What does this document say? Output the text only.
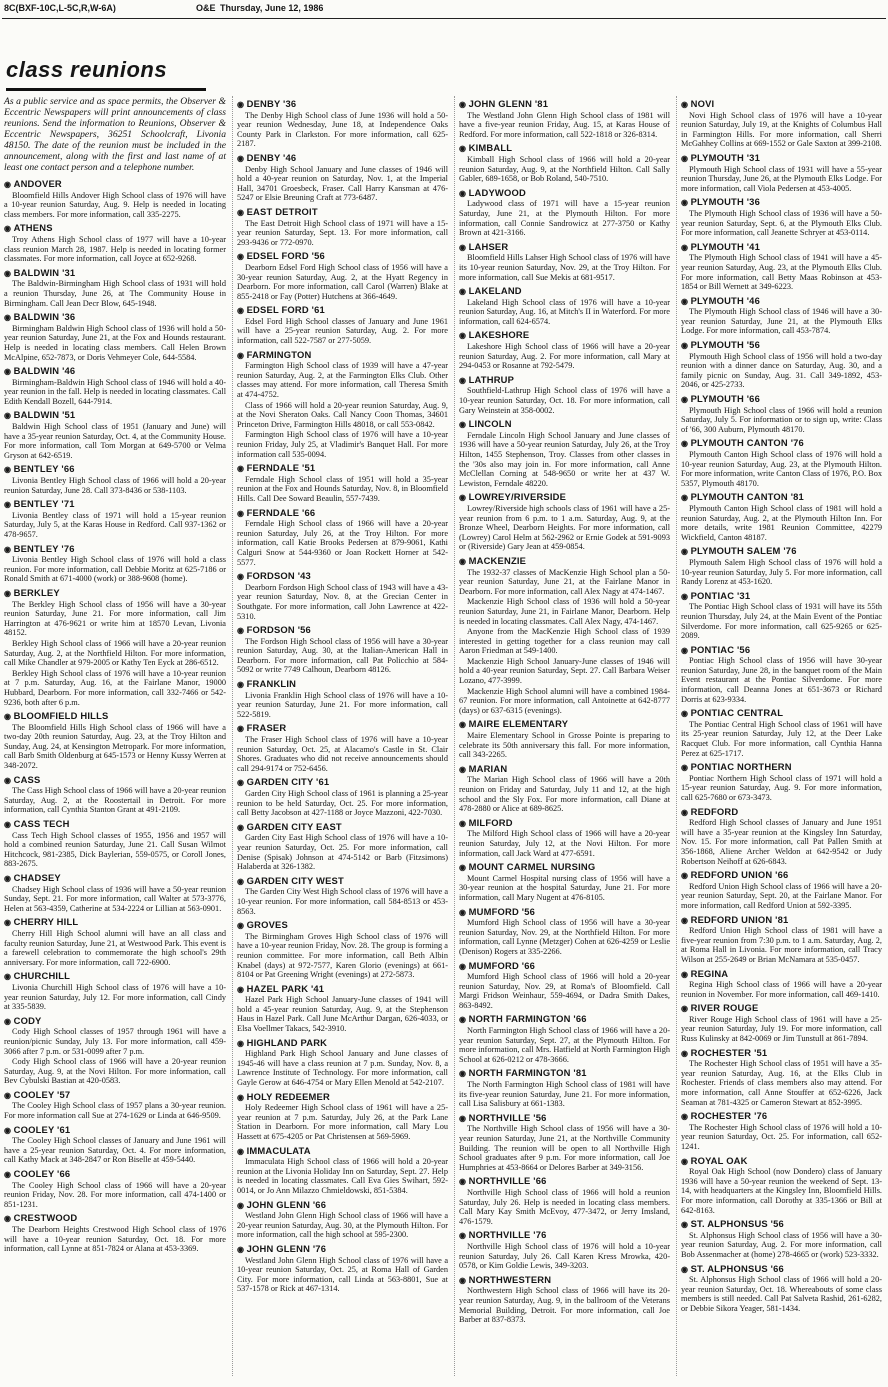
8C(BXF-10C,L-5C,R,W-6A)	O&E Thursday, June 12, 1986
class reunions

As a public service and as space permits, the Observer & Eccentric Newspapers will print announcements of class reunions. Send the information to Reunions, Observer & Eccentric Newspapers, 36251 Schoolcraft, Livonia 48150. The date of the reunion must be included in the announcement, along with the first and last name of at least one contact person and a telephone number.

◉ ANDOVER
Bloomfield Hills Andover High School class of 1976 will have a 10-year reunion Saturday, Aug. 9. Help is needed in locating class members. For more information, call 335-2275.
◉ ATHENS
Troy Athens High School class of 1977 will have a 10-year class reunion March 28, 1987. Help is needed in locating former classmates. For more information, call Joyce at 652-9268.
◉ BALDWIN '31
The Baldwin-Birmingham High School class of 1931 will hold a reunion Thursday, June 26, at The Community House in Birmingham. Call Jean Decr Blow, 645-1948.
◉ BALDWIN '36
Birmingham Baldwin High School class of 1936 will hold a 50-year reunion Saturday, June 21, at the Fox and Hounds restaurant. Help is needed in locating class members. Call Helen Brown McAlpine, 652-7873, or Doris Vehmeyer Cole, 644-5584.
◉ BALDWIN '46
Birmingham-Baldwin High School class of 1946 will hold a 40-year reunion in the fall. Help is needed in locating classmates. Call Edith Kendall Bozell, 644-7914.
◉ BALDWIN '51
Baldwin High School class of 1951 (January and June) will have a 35-year reunion Saturday, Oct. 4, at the Community House. For more information, call Tom Morgan at 649-5700 or Velma Gryson at 642-6519.
◉ BENTLEY '66
Livonia Bentley High School class of 1966 will hold a 20-year reunion Saturday, June 28. Call 373-8436 or 538-1103.
◉ BENTLEY '71
Livonia Bentley class of 1971 will hold a 15-year reunion Saturday, July 5, at the Karas House in Redford. Call 937-1362 or 478-9657.
◉ BENTLEY '76
Livonia Bentley High School class of 1976 will hold a class reunion. For more information, call Debbie Moritz at 625-7186 or Ronald Smith at 671-4000 (work) or 388-9608 (home).
◉ BERKLEY
The Berkley High School class of 1956 will have a 30-year reunion Saturday, June 21. For more information, call Jim Harrington at 476-9621 or write him at 18570 Levan, Livonia 48152.
Berkley High School class of 1966 will have a 20-year reunion Saturday, Aug. 2, at the Northfield Hilton. For more information, call Mike Chandler at 979-2005 or Kathy Ten Eyck at 286-6512.
Berkley High School class of 1976 will have a 10-year reunion at 7 p.m. Saturday, Aug. 16, at the Fairlane Manor, 19000 Hubbard, Dearborn. For more information, call 332-7466 or 542-9236, both after 6 p.m.
◉ BLOOMFIELD HILLS
The Bloomfield Hills High School class of 1966 will have a two-day 20th reunion Saturday, Aug. 23, at the Troy Hilton and Sunday, Aug. 24, at Kensington Metropark. For more information, call Barb Smith Oldenburg at 645-1573 or Henny Kussy Werren at 348-2072.
◉ CASS
The Cass High School class of 1966 will have a 20-year reunion Saturday, Aug. 2, at the Roostertail in Detroit. For more information, call Cynthia Stanton Grant at 491-2109.
◉ CASS TECH
Cass Tech High School classes of 1955, 1956 and 1957 will hold a combined reunion Saturday, June 21. Call Susan Wilmot Hitchcock, 981-2385, Dick Baylerian, 559-0575, or Coroll Jones, 883-2675.
◉ CHADSEY
Chadsey High School class of 1936 will have a 50-year reunion Sunday, Sept. 21. For more information, call Walter at 573-3776, Helen at 563-4359, Catherine at 534-2224 or Lillian at 563-0901.
◉ CHERRY HILL
Cherry Hill High School alumni will have an all class and faculty reunion Saturday, June 21, at Westwood Park. This event is a farewell celebration to commemorate the high school's 29th anniversary. For more information, call 722-6900.
◉ CHURCHILL
Livonia Churchill High School class of 1976 will have a 10-year reunion Saturday, July 12. For more information, call Cindy at 335-5839.
◉ CODY
Cody High School classes of 1957 through 1961 will have a reunion/picnic Sunday, July 13. For more information, call 459-3066 after 7 p.m. or 531-0099 after 7 p.m.
Cody High School class of 1966 will have a 20-year reunion Saturday, Aug. 9, at the Novi Hilton. For more information, call Bev Cybulski Bastian at 420-0583.
◉ COOLEY '57
The Cooley High School class of 1957 plans a 30-year reunion. For more information call Sue at 274-1629 or Linda at 646-9509.
◉ COOLEY '61
The Cooley High School classes of January and June 1961 will have a 25-year reunion Saturday, Oct. 4. For more information, call Kathy Mack at 348-2847 or Ron Biselle at 459-5440.
◉ COOLEY '66
The Cooley High School class of 1966 will have a 20-year reunion Friday, Nov. 28. For more information, call 474-1400 or 851-1231.
◉ CRESTWOOD
The Dearborn Heights Crestwood High School class of 1976 will have a 10-year reunion Saturday, Oct. 18. For more information, call Lynne at 851-7824 or Alana at 453-3369.
◉ DENBY '36
The Denby High School class of June 1936 will hold a 50-year reunion Wednesday, June 18, at Independence Oaks County Park in Clarkston. For more information, call 625-2187.
◉ DENBY '46
Denby High School January and June classes of 1946 will hold a 40-year reunion on Saturday, Nov. 1, at the Imperial Hall, 34701 Groesbeck, Fraser. Call Harry Kansman at 476-5247 or Elsie Breuning Craft at 773-6487.
◉ EAST DETROIT
The East Detroit High School class of 1971 will have a 15-year reunion Saturday, Sept. 13. For more information, call 293-9436 or 772-0970.
◉ EDSEL FORD '56
Dearborn Edsel Ford High School class of 1956 will have a 30-year reunion Saturday, Aug. 2, at the Hyatt Regency in Dearborn. For more information, call Carol (Warren) Blake at 855-2418 or Fay (Potter) Hutchens at 366-4649.
◉ EDSEL FORD '61
Edsel Ford High School classes of January and June 1961 will have a 25-year reunion Saturday, Aug. 2. For more information, call 522-7587 or 277-5059.
◉ FARMINGTON
Farmington High School class of 1939 will have a 47-year reunion Saturday, Aug. 2, at the Farmington Elks Club. Other classes may attend. For more information, call Theresa Smith at 474-4752.
Class of 1966 will hold a 20-year reunion Saturday, Aug. 9, at the Novi Sheraton Oaks. Call Nancy Coon Thomas, 34601 Princeton Drive, Farmington Hills 48018, or call 553-0842.
Farmington High School class of 1976 will have a 10-year reunion Friday, July 25, at Vladimir's Banquet Hall. For more information call 535-0094.
◉ FERNDALE '51
Ferndale High School class of 1951 will hold a 35-year reunion at the Fox and Hounds Saturday, Nov. 8, in Bloomfield Hills. Call Dee Soward Beaulin, 557-7439.
◉ FERNDALE '66
Ferndale High School class of 1966 will have a 20-year reunion Saturday, July 26, at the Troy Hilton. For more information, call Katie Brooks Pedersen at 879-9061, Kathi Calguri Snow at 544-9360 or Joan Rockett Horner at 542-5577.
◉ FORDSON '43
Dearborn Fordson High School class of 1943 will have a 43-year reunion Saturday, Nov. 8, at the Grecian Center in Southgate. For more information, call John Lawrence at 422-5310.
◉ FORDSON '56
The Fordson High School class of 1956 will have a 30-year reunion Saturday, Aug. 30, at the Italian-American Hall in Dearborn. For more information, call Pat Policchio at 584-5092 or write 7749 Calhoun, Dearborn 48126.
◉ FRANKLIN
Livonia Franklin High School class of 1976 will have a 10-year reunion Saturday, June 21. For more information, call 522-5819.
◉ FRASER
The Fraser High School class of 1976 will have a 10-year reunion Saturday, Oct. 25, at Alacamo's Castle in St. Clair Shores. Graduates who did not receive announcements should call 294-9174 or 752-6456.
◉ GARDEN CITY '61
Garden City High School class of 1961 is planning a 25-year reunion to be held Saturday, Oct. 25. For more information, call Betty Jacobson at 427-1188 or Joyce Mazzoni, 422-7030.
◉ GARDEN CITY EAST
Garden City East High School class of 1976 will have a 10-year reunion Saturday, Oct. 25. For more information, call Denise (Spisak) Johnson at 474-5142 or Barb (Fitzsimons) Halaberda at 326-1382.
◉ GARDEN CITY WEST
The Garden City West High School class of 1976 will have a 10-year reunion. For more information, call 584-8513 or 453-8563.
◉ GROVES
The Birmingham Groves High School class of 1976 will have a 10-year reunion Friday, Nov. 28. The group is forming a reunion committee. For more information, call Beth Albin Knabel (days) at 972-7577, Karen Glorio (evenings) at 661-8104 or Pat Greening Wright (evenings) at 272-5873.
◉ HAZEL PARK '41
Hazel Park High School January-June classes of 1941 will hold a 45-year reunion Saturday, Aug. 9, at the Stephenson Haus in Hazel Park. Call June McArthur Dargan, 626-4033, or Elsa Voellmer Takacs, 542-3910.
◉ HIGHLAND PARK
Highland Park High School January and June classes of 1945-46 will have a class reunion at 7 p.m. Sunday, Nov. 8, a Lawrence Institute of Technology. For more information, call Gayle Gerow at 646-4754 or Mary Ellen Menold at 542-2107.
◉ HOLY REDEEMER
Holy Redeemer High School class of 1961 will have a 25-year reunion at 7 p.m. Saturday, July 26, at the Park Lane Station in Dearborn. For more information, call Mary Lou Hassett at 675-4205 or Pat Christensen at 569-5969.
◉ IMMACULATA
Immaculata High School class of 1966 will hold a 20-year reunion at the Livonia Holiday Inn on Saturday, Sept. 27. Help is needed in locating classmates. Call Eva Gies Swihart, 592-0014, or Jo Ann Milazzo Chmieldowski, 851-5384.
◉ JOHN GLENN '66
Westland John Glenn High School class of 1966 will have a 20-year reunion Saturday, Aug. 30, at the Plymouth Hilton. For more information, call the high school at 595-2300.
◉ JOHN GLENN '76
Westland John Glenn High School class of 1976 will have a 10-year reunion Saturday, Oct. 25, at Roma Hall of Garden City. For more information, call Linda at 563-8801, Sue at 537-1578 or Rick at 467-1314.
◉ JOHN GLENN '81
The Westland John Glenn High School class of 1981 will have a five-year reunion Friday, Aug. 15, at Karas House of Redford. For more information, call 522-1818 or 326-8314.
◉ KIMBALL
Kimball High School class of 1966 will hold a 20-year reunion Saturday, Aug. 9, at the Northfield Hilton. Call Sally Gabler, 689-1658, or Bob Roland, 540-7510.
◉ LADYWOOD
Ladywood class of 1971 will have a 15-year reunion Saturday, June 21, at the Plymouth Hilton. For more information, call Connie Sandrowicz at 277-3750 or Kathy Brown at 421-3166.
◉ LAHSER
Bloomfield Hills Lahser High School class of 1976 will have its 10-year reunion Saturday, Nov. 29, at the Troy Hilton. For more information, call Sue Mekis at 681-9517.
◉ LAKELAND
Lakeland High School class of 1976 will have a 10-year reunion Saturday, Aug. 16, at Mitch's II in Waterford. For more information, call 624-6574.
◉ LAKESHORE
Lakeshore High School class of 1966 will have a 20-year reunion Saturday, Aug. 2. For more information, call Mary at 294-0453 or Rosanne at 792-5479.
◉ LATHRUP
Southfield-Lathrup High School class of 1976 will have a 10-year reunion Saturday, Oct. 18. For more information, call Gary Weinstein at 358-0002.
◉ LINCOLN
Ferndale Lincoln High School January and June classes of 1936 will have a 50-year reunion Saturday, July 26, at the Troy Hilton, 1455 Stephenson, Troy. Classes from other classes in the '30s also may join in. For more information, call Anne McClellan Corning at 548-9650 or write her at 437 W. Lewiston, Ferndale 48220.
◉ LOWREY/RIVERSIDE
Lowrey/Riverside high schools class of 1961 will have a 25-year reunion from 6 p.m. to 1 a.m. Saturday, Aug. 9, at the Bronze Wheel, Dearborn Heights. For more information, call (Lowrey) Carol Helm at 562-2962 or Ernie Godek at 591-9093 or (Riverside) Gary Jean at 459-0854.
◉ MACKENZIE
The 1932-37 classes of MacKenzie High School plan a 50-year reunion Saturday, June 21, at the Fairlane Manor in Dearborn. For more information, call Alex Nagy at 474-1467.
Mackenzie High School class of 1936 will hold a 50-year reunion Saturday, June 21, in Fairlane Manor, Dearborn. Help is needed in locating classmates. Call Alex Nagy, 474-1467.
Anyone from the MacKenzie High School class of 1939 interested in getting together for a class reunion may call Aaron Friedman at 549-1400.
Mackenzie High School January-June classes of 1946 will hold a 40-year reunion Saturday, Sept. 27. Call Barbara Weiser Lozano, 477-3999.
Mackenzie High School alumni will have a combined 1984-67 reunion. For more information, call Antoinette at 642-8777 (days) or 637-6315 (evenings).
◉ MAIRE ELEMENTARY
Maire Elementary School in Grosse Pointe is preparing to celebrate its 50th anniversary this fall. For more information, call 343-2265.
◉ MARIAN
The Marian High School class of 1966 will have a 20th reunion on Friday and Saturday, July 11 and 12, at the high school and the Sly Fox. For more information, call Diane at 478-2880 or Alice at 689-8625.
◉ MILFORD
The Milford High School class of 1966 will have a 20-year reunion Saturday, July 12, at the Novi Hilton. For more information, call Jack Ward at 477-6591.
◉ MOUNT CARMEL NURSING
Mount Carmel Hospital nursing class of 1956 will have a 30-year reunion at the hospital Saturday, June 21. For more information, call Mary Nugent at 476-8105.
◉ MUMFORD '56
Mumford High School class of 1956 will have a 30-year reunion Saturday, Nov. 29, at the Northfield Hilton. For more information, call Lynne (Metzger) Cohen at 626-4259 or Leslie (Denison) Rogers at 335-2266.
◉ MUMFORD '66
Mumford High School class of 1966 will hold a 20-year reunion Saturday, Nov. 29, at Roma's of Bloomfield. Call Margi Fridson Weinhaur, 559-4694, or Dadra Smith Dakes, 863-8492.
◉ NORTH FARMINGTON '66
North Farmington High School class of 1966 will have a 20-year reunion Saturday, Sept. 27, at the Plymouth Hilton. For more information, call Mrs. Hatfield at North Farmington High School at 626-0212 or 478-3666.
◉ NORTH FARMINGTON '81
The North Farmington High School class of 1981 will have its five-year reunion Saturday, June 21. For more information, call Lisa Salisbury at 661-1383.
◉ NORTHVILLE '56
The Northville High School class of 1956 will have a 30-year reunion Saturday, June 21, at the Northville Community Building. The reunion will be open to all Northville High School graduates after 9 p.m. For more information, call Joe Humphries at 453-8664 or Delores Barber at 349-3156.
◉ NORTHVILLE '66
Northville High School class of 1966 will hold a reunion Saturday, July 26. Help is needed in locating class members. Call Mary Kay Smith McEvoy, 477-3472, or Jerry Imsland, 476-1579.
◉ NORTHVILLE '76
Northville High School class of 1976 will hold a 10-year reunion Saturday, July 26. Call Karen Kress Mrowka, 420-0578, or Kim Goldie Lewis, 349-3203.
◉ NORTHWESTERN
Northwestern High School class of 1966 will have its 20-year reunion Saturday, Aug. 9, in the ballroom of the Veterans Memorial Building, Detroit. For more information, call Joe Barber at 837-8373.
◉ NOVI
Novi High School class of 1976 will have a 10-year reunion Saturday, July 19, at the Knights of Columbus Hall in Farmington Hills. For more information, call Sherri McGahhey Collins at 669-1552 or Gale Saxton at 399-2108.
◉ PLYMOUTH '31
Plymouth High School class of 1931 will have a 55-year reunion Thursday, June 26, at the Plymouth Elks Lodge. For more information, call Viola Pedersen at 453-4005.
◉ PLYMOUTH '36
The Plymouth High School class of 1936 will have a 50-year reunion Saturday, Sept. 6, at the Plymouth Elks Club. For more information, call Jeanette Schryer at 453-0114.
◉ PLYMOUTH '41
The Plymouth High School class of 1941 will have a 45-year reunion Saturday, Aug. 23, at the Plymouth Elks Club. For more information, call Betty Maas Robinson at 453-1854 or Bill Wernett at 349-6223.
◉ PLYMOUTH '46
The Plymouth High School class of 1946 will have a 30-year reunion Saturday, June 21, at the Plymouth Elks Lodge. For more information, call 453-7874.
◉ PLYMOUTH '56
Plymouth High School class of 1956 will hold a two-day reunion with a dinner dance on Saturday, Aug. 30, and a family picnic on Sunday, Aug. 31. Call 349-1892, 453-2046, or 425-2733.
◉ PLYMOUTH '66
Plymouth High School class of 1966 will hold a reunion Saturday, July 5. For information or to sign up, write: Class of '66, 300 Auburn, Plymouth 48170.
◉ PLYMOUTH CANTON '76
Plymouth Canton High School class of 1976 will hold a 10-year reunion Saturday, Aug. 23, at the Plymouth Hilton. For more information, write Canton Class of 1976, P.O. Box 5357, Plymouth 48170.
◉ PLYMOUTH CANTON '81
Plymouth Canton High School class of 1981 will hold a reunion Saturday, Aug. 2, at the Plymouth Hilton Inn. For more details, write 1981 Reunion Committee, 42279 Wickfield, Canton 48187.
◉ PLYMOUTH SALEM '76
Plymouth Salem High School class of 1976 will hold a 10-year reunion Saturday, July 5. For more information, call Randy Lorenz at 453-1620.
◉ PONTIAC '31
The Pontiac High School class of 1931 will have its 55th reunion Thursday, July 24, at the Main Event of the Pontiac Silverdome. For more information, call 625-9265 or 625-2089.
◉ PONTIAC '56
Pontiac High School class of 1956 will have 30-year reunion Saturday, June 28, in the banquet room of the Main Event restaurant at the Pontiac Silverdome. For more information, call Deanna Jones at 651-3673 or Richard Dorris at 623-9334.
◉ PONTIAC CENTRAL
The Pontiac Central High School class of 1961 will have its 25-year reunion Saturday, July 12, at the Deer Lake Racquet Club. For more information, call Cynthia Hanna Perez at 625-1717.
◉ PONTIAC NORTHERN
Pontiac Northern High School class of 1971 will hold a 15-year reunion Saturday, Aug. 9. For more information, call 625-7680 or 673-3473.
◉ REDFORD
Redford High School classes of January and June 1951 will have a 35-year reunion at the Kingsley Inn Saturday, Nov. 15. For more information, call Pat Pallen Smith at 356-1868, Aliene Archer Weldon at 642-9542 or Judy Robertson Neihoff at 626-6843.
◉ REDFORD UNION '66
Redford Union High School class of 1966 will have a 20-year reunion Saturday, Sept. 20, at the Fairlane Manor. For more information, call Redford Union at 592-3395.
◉ REDFORD UNION '81
Redford Union High School class of 1981 will have a five-year reunion from 7:30 p.m. to 1 a.m. Saturday, Aug. 2, at Roma Hall in Livonia. For more information, call Tracy Wilson at 255-2649 or Brian McNamara at 535-0457.
◉ REGINA
Regina High School class of 1966 will have a 20-year reunion in November. For more information, call 469-1410.
◉ RIVER ROUGE
River Rouge High School class of 1961 will have a 25-year reunion Saturday, July 19. For more information, call Russ Kulinsky at 842-0069 or Jim Tunstull at 861-7894.
◉ ROCHESTER '51
The Rochester High School class of 1951 will have a 35-year reunion Saturday, Aug. 16, at the Elks Club in Rochester. Friends of class members also may attend. For more information, call Anne Stouffer at 652-6226, Jack Seaman at 781-4325 or Cameron Stewart at 852-3995.
◉ ROCHESTER '76
The Rochester High School class of 1976 will hold a 10-year reunion Saturday, Oct. 25. For information, call 652-1241.
◉ ROYAL OAK
Royal Oak High School (now Dondero) class of January 1936 will have a 50-year reunion the weekend of Sept. 13-14, with headquarters at the Kingsley Inn, Bloomfield Hills. For more information, call Dorothy at 335-1366 or Bill at 642-8163.
◉ ST. ALPHONSUS '56
St. Alphonsus High School class of 1956 will have a 30-year reunion Saturday, Aug. 2. For more information, call Bob Assenmacher at (home) 278-4665 or (work) 523-3332.
◉ ST. ALPHONSUS '66
St. Alphonsus High School class of 1966 will hold a 20-year reunion Saturday, Oct. 18. Whereabouts of some class members is still needed. Call Pat Salveta Rashid, 261-6282, or Debbie Sikora Yeager, 581-1434.
